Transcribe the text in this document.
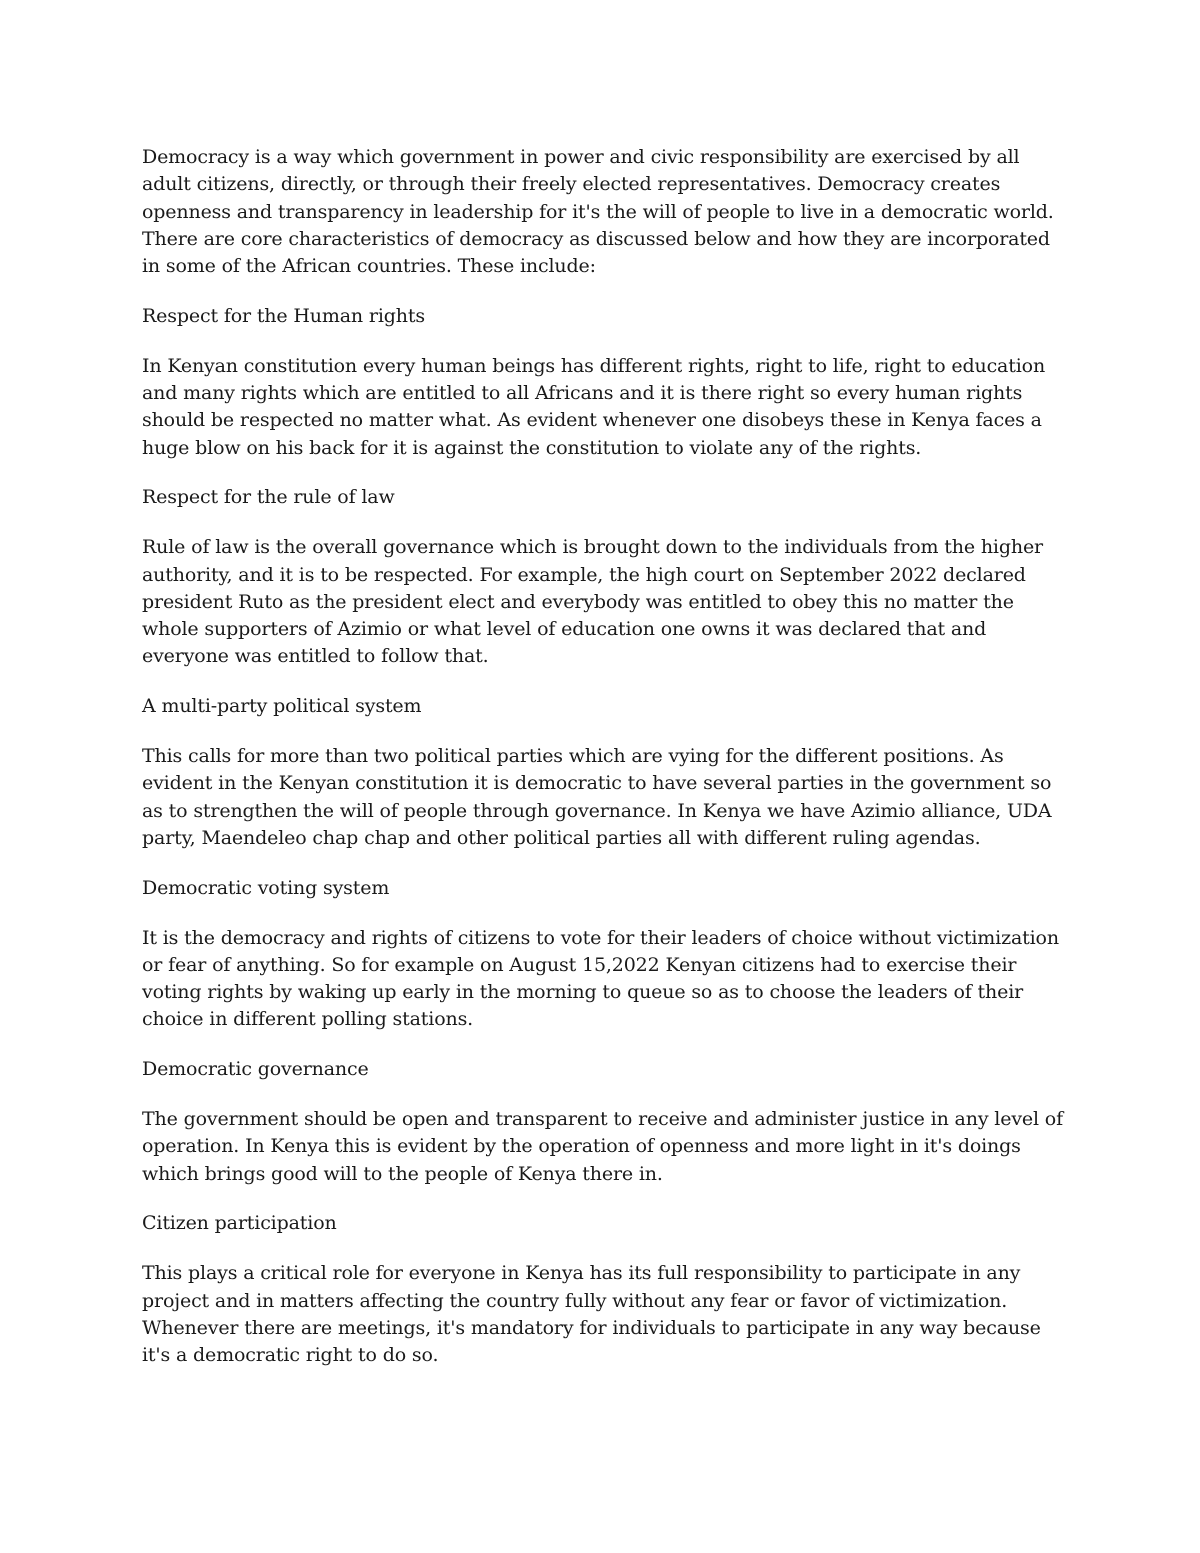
Democracy is a way which government in power and civic responsibility are exercised by all adult citizens, directly, or through their freely elected representatives. Democracy creates openness and transparency in leadership for it's the will of people to live in a democratic world. There are core characteristics of democracy as discussed below and how they are incorporated in some of the African countries. These include:

Respect for the Human rights

In Kenyan constitution every human beings has different rights, right to life, right to education and many rights which are entitled to all Africans and it is there right so every human rights should be respected no matter what. As evident whenever one disobeys these in Kenya faces a huge blow on his back for it is against the constitution to violate any of the rights.

Respect for the rule of law

Rule of law is the overall governance which is brought down to the individuals from the higher authority, and it is to be respected. For example, the high court on September 2022 declared president Ruto as the president elect and everybody was entitled to obey this no matter the whole supporters of Azimio or what level of education one owns it was declared that and everyone was entitled to follow that.

A multi-party political system

This calls for more than two political parties which are vying for the different positions. As evident in the Kenyan constitution it is democratic to have several parties in the government so as to strengthen the will of people through governance. In Kenya we have Azimio alliance, UDA party, Maendeleo chap chap and other political parties all with different ruling agendas.

Democratic voting system

It is the democracy and rights of citizens to vote for their leaders of choice without victimization or fear of anything. So for example on August 15,2022 Kenyan citizens had to exercise their voting rights by waking up early in the morning to queue so as to choose the leaders of their choice in different polling stations.

Democratic governance

The government should be open and transparent to receive and administer justice in any level of operation. In Kenya this is evident by the operation of openness and more light in it's doings which brings good will to the people of Kenya there in.

Citizen participation

This plays a critical role for everyone in Kenya has its full responsibility to participate in any project and in matters affecting the country fully without any fear or favor of victimization. Whenever there are meetings, it's mandatory for individuals to participate in any way because it's a democratic right to do so.
